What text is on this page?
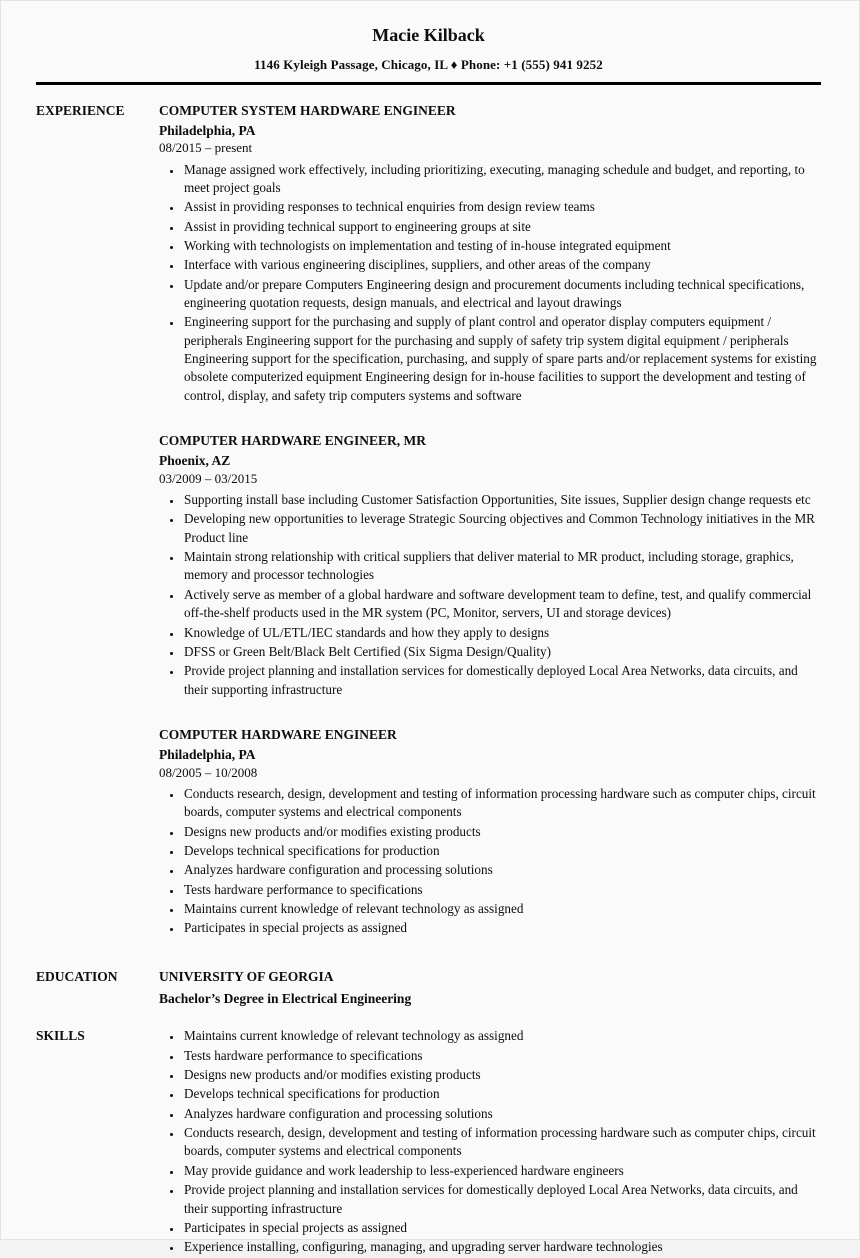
Macie Kilback
1146 Kyleigh Passage, Chicago, IL ♦ Phone: +1 (555) 941 9252
EXPERIENCE	COMPUTER SYSTEM HARDWARE ENGINEER
Philadelphia, PA
08/2015 – present
• Manage assigned work effectively, including prioritizing, executing, managing schedule and budget, and reporting, to meet project goals
• Assist in providing responses to technical enquiries from design review teams
• Assist in providing technical support to engineering groups at site
• Working with technologists on implementation and testing of in-house integrated equipment
• Interface with various engineering disciplines, suppliers, and other areas of the company
• Update and/or prepare Computers Engineering design and procurement documents including technical specifications, engineering quotation requests, design manuals, and electrical and layout drawings
• Engineering support for the purchasing and supply of plant control and operator display computers equipment / peripherals Engineering support for the purchasing and supply of safety trip system digital equipment / peripherals Engineering support for the specification, purchasing, and supply of spare parts and/or replacement systems for existing obsolete computerized equipment Engineering design for in-house facilities to support the development and testing of control, display, and safety trip computers systems and software
COMPUTER HARDWARE ENGINEER, MR
Phoenix, AZ
03/2009 – 03/2015
• Supporting install base including Customer Satisfaction Opportunities, Site issues, Supplier design change requests etc
• Developing new opportunities to leverage Strategic Sourcing objectives and Common Technology initiatives in the MR Product line
• Maintain strong relationship with critical suppliers that deliver material to MR product, including storage, graphics, memory and processor technologies
• Actively serve as member of a global hardware and software development team to define, test, and qualify commercial off-the-shelf products used in the MR system (PC, Monitor, servers, UI and storage devices)
• Knowledge of UL/ETL/IEC standards and how they apply to designs
• DFSS or Green Belt/Black Belt Certified (Six Sigma Design/Quality)
• Provide project planning and installation services for domestically deployed Local Area Networks, data circuits, and their supporting infrastructure
COMPUTER HARDWARE ENGINEER
Philadelphia, PA
08/2005 – 10/2008
• Conducts research, design, development and testing of information processing hardware such as computer chips, circuit boards, computer systems and electrical components
• Designs new products and/or modifies existing products
• Develops technical specifications for production
• Analyzes hardware configuration and processing solutions
• Tests hardware performance to specifications
• Maintains current knowledge of relevant technology as assigned
• Participates in special projects as assigned
EDUCATION	UNIVERSITY OF GEORGIA
Bachelor’s Degree in Electrical Engineering
SKILLS	• Maintains current knowledge of relevant technology as assigned
• Tests hardware performance to specifications
• Designs new products and/or modifies existing products
• Develops technical specifications for production
• Analyzes hardware configuration and processing solutions
• Conducts research, design, development and testing of information processing hardware such as computer chips, circuit boards, computer systems and electrical components
• May provide guidance and work leadership to less-experienced hardware engineers
• Provide project planning and installation services for domestically deployed Local Area Networks, data circuits, and their supporting infrastructure
• Participates in special projects as assigned
• Experience installing, configuring, managing, and upgrading server hardware technologies
